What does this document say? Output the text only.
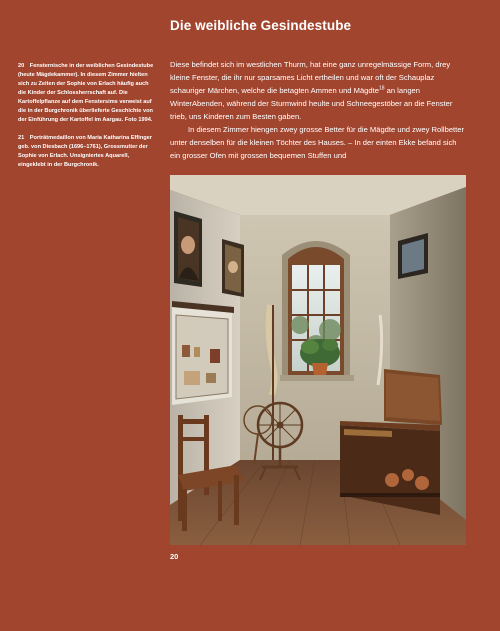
Die weibliche Gesindestube

20 Fensternische in der weiblichen Gesindestube (heute Mägdekammer). In diesem Zimmer hielten sich zu Zeiten der Sophie von Erlach häufig auch die Kinder der Schlossherrschaft auf. Die Kartoffelpflanze auf dem Fenstersims verweist auf die in der Burgchronik überlieferte Geschichte von der Einführung der Kartoffel im Aargau. Foto 1994.

21 Porträtmedaillon von Maria Katharina Effinger geb. von Diesbach (1696–1761), Grossmutter der Sophie von Erlach. Unsigniertes Aquarell, eingeklebt in der Burgchronik.

Diese befindet sich im westlichen Thurm, hat eine ganz unregelmässige Form, drey kleine Fenster, die ihr nur sparsames Licht ertheilen und war oft der Schauplaz schauriger Märchen, welche die betagten Ammen und Mägdte$^{18}$ an langen WinterAbenden, während der Sturmwind heulte und Schneegestöber an die Fenster trieb, uns Kinderen zum Besten gaben.

In diesem Zimmer hiengen zwey grosse Better für die Mägdte und zwey Rollbetter unter denselben für die kleinen Töchter des Hauses. – In der einten Ekke befand sich ein grosser Ofen mit grossen bequemen Stuffen und

20
